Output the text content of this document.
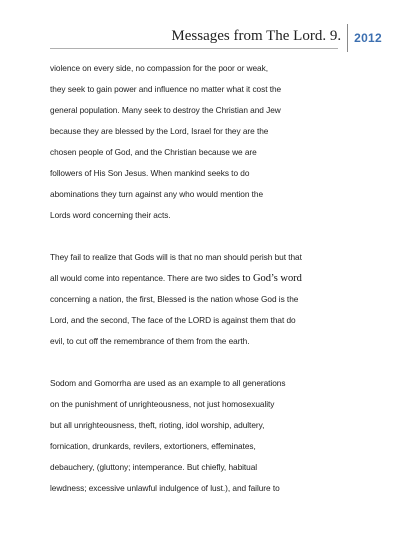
Messages from The Lord. 9.	2012
violence on every side, no compassion for the poor or weak,
they seek to gain power and influence no matter what it cost the
general population. Many seek to destroy the Christian and Jew
because they are blessed by the Lord, Israel for they are the
chosen people of God, and the Christian because we are
followers of His Son Jesus. When mankind seeks to do
abominations they turn against any who would mention the
Lords word concerning their acts.
They fail to realize that Gods will is that no man should perish but that
all would come into repentance. There are two sides to God’s word
concerning a nation, the first, Blessed is the nation whose God is the
Lord, and the second, The face of the LORD is against them that do
evil, to cut off the remembrance of them from the earth.
Sodom and Gomorrha are used as an example to all generations
on the punishment of unrighteousness, not just homosexuality
but all unrighteousness, theft, rioting, idol worship, adultery,
fornication, drunkards, revilers, extortioners, effeminates,
debauchery, (gluttony; intemperance. But chiefly, habitual
lewdness; excessive unlawful indulgence of lust.), and failure to
